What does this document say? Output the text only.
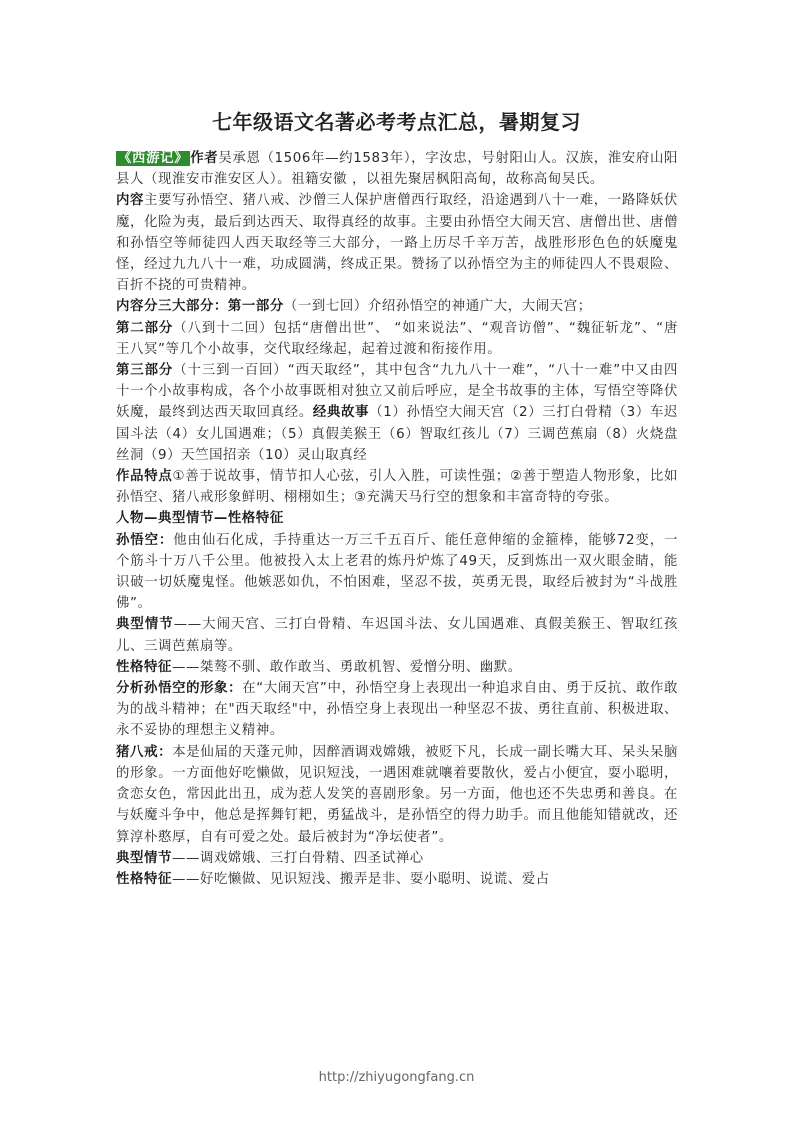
七年级语文名著必考考点汇总，暑期复习

《西游记》 作者吴承恩（1506年—约1583年），字汝忠，号射阳山人。汉族，淮安府山阳县人（现淮安市淮安区人）。祖籍安徽 ，以祖先聚居枫阳高甸，故称高甸吴氏。

内容主要写孙悟空、猪八戒、沙僧三人保护唐僧西行取经，沿途遇到八十一难，一路降妖伏魔，化险为夷，最后到达西天、取得真经的故事。主要由孙悟空大闹天宫、唐僧出世、唐僧和孙悟空等师徒四人西天取经等三大部分，一路上历尽千辛万苦，战胜形形色色的妖魔鬼怪，经过九九八十一难，功成圆满，终成正果。赞扬了以孙悟空为主的师徒四人不畏艰险、百折不挠的可贵精神。

内容分三大部分：第一部分（一到七回）介绍孙悟空的神通广大，大闹天宫；

第二部分（八到十二回）包括“唐僧出世”、 “如来说法”、“观音访僧”、“魏征斩龙”、“唐王八冥”等几个小故事，交代取经缘起，起着过渡和衔接作用。

第三部分（十三到一百回）“西天取经”，其中包含“九九八十一难”，“八十一难”中又由四十一个小故事构成，各个小故事既相对独立又前后呼应，是全书故事的主体，写悟空等降伏妖魔，最终到达西天取回真经。经典故事（1）孙悟空大闹天宫（2）三打白骨精（3）车迟国斗法（4）女儿国遇难；（5）真假美猴王（6）智取红孩儿（7）三调芭蕉扇（8）火烧盘丝洞（9）天竺国招亲（10）灵山取真经

作品特点①善于说故事，情节扣人心弦，引人入胜，可读性强；②善于塑造人物形象，比如孙悟空、猪八戒形象鲜明、栩栩如生；③充满天马行空的想象和丰富奇特的夸张。

人物—典型情节—性格特征

孙悟空：他由仙石化成，手持重达一万三千五百斤、能任意伸缩的金箍棒，能够72变，一个筋斗十万八千公里。他被投入太上老君的炼丹炉炼了49天，反到炼出一双火眼金睛，能识破一切妖魔鬼怪。他嫉恶如仇，不怕困难，坚忍不拔，英勇无畏，取经后被封为“斗战胜佛”。

典型情节——大闹天宫、三打白骨精、车迟国斗法、女儿国遇难、真假美猴王、智取红孩儿、三调芭蕉扇等。

性格特征——桀骜不驯、敢作敢当、勇敢机智、爱憎分明、幽默。

分析孙悟空的形象：在“大闹天宫”中，孙悟空身上表现出一种追求自由、勇于反抗、敢作敢为的战斗精神；在"西天取经"中，孙悟空身上表现出一种坚忍不拔、勇往直前、积极进取、永不妥协的理想主义精神。

猪八戒：本是仙届的天蓬元帅，因醉酒调戏嫦娥，被贬下凡，长成一副长嘴大耳、呆头呆脑的形象。一方面他好吃懒做，见识短浅，一遇困难就嚷着要散伙，爱占小便宜，耍小聪明，贪恋女色，常因此出丑，成为惹人发笑的喜剧形象。另一方面，他也还不失忠勇和善良。在与妖魔斗争中，他总是挥舞钉耙，勇猛战斗，是孙悟空的得力助手。而且他能知错就改，还算淳朴憨厚，自有可爱之处。最后被封为“净坛使者”。

典型情节——调戏嫦娥、三打白骨精、四圣试禅心

性格特征——好吃懒做、见识短浅、搬弄是非、耍小聪明、说谎、爱占

http://zhiyugongfang.cn
